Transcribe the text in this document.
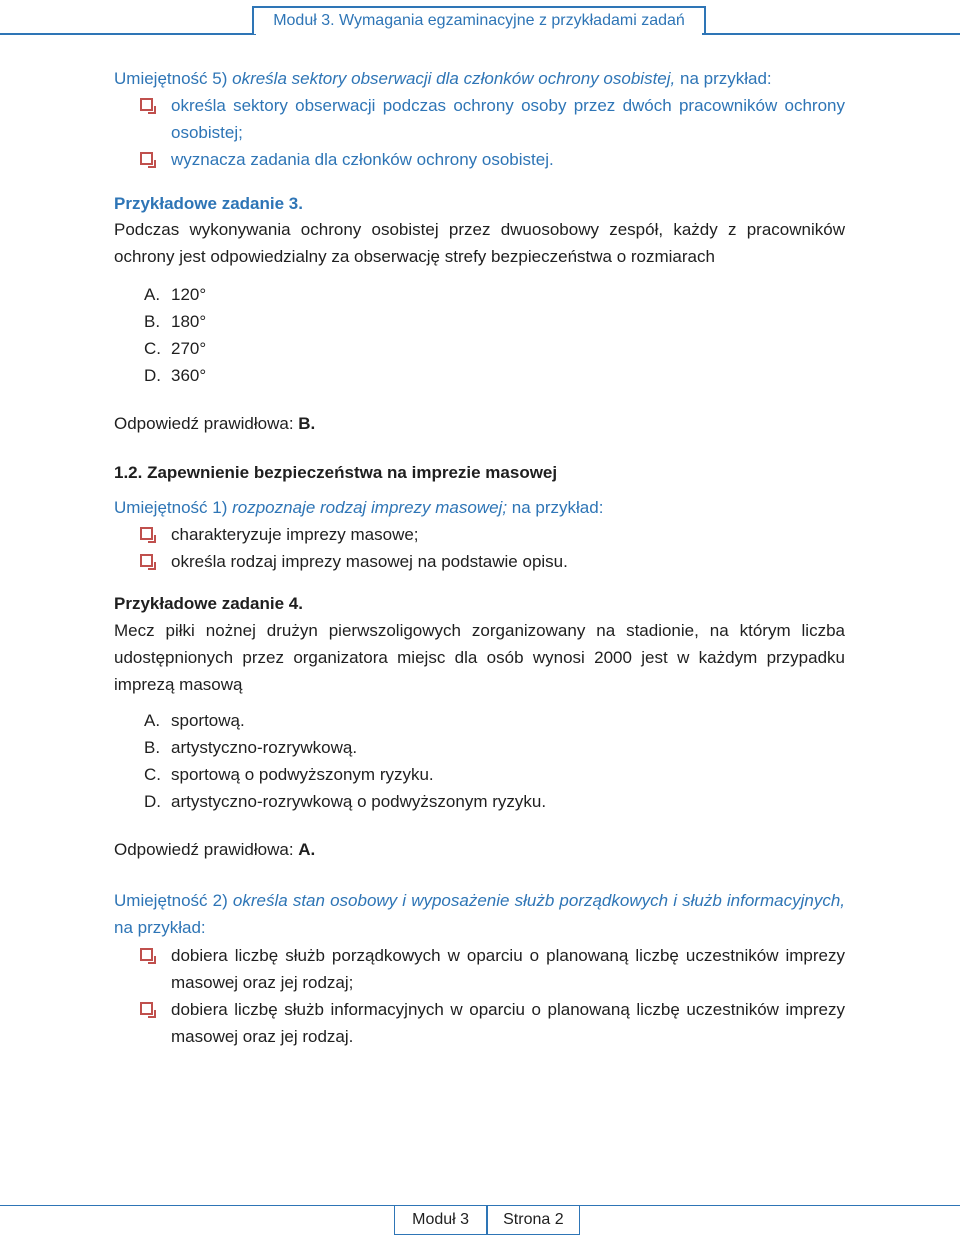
Moduł 3. Wymagania egzaminacyjne z przykładami zadań
Umiejętność 5) określa sektory obserwacji dla członków ochrony osobistej, na przykład:
określa sektory obserwacji podczas ochrony osoby przez dwóch pracowników ochrony osobistej;
wyznacza zadania dla członków ochrony osobistej.
Przykładowe zadanie 3.
Podczas wykonywania ochrony osobistej przez dwuosobowy zespół, każdy z pracowników ochrony jest odpowiedzialny za obserwację strefy bezpieczeństwa o rozmiarach
A. 120°
B. 180°
C. 270°
D. 360°
Odpowiedź prawidłowa: B.
1.2. Zapewnienie bezpieczeństwa na imprezie masowej
Umiejętność 1) rozpoznaje rodzaj imprezy masowej; na przykład:
charakteryzuje imprezy masowe;
określa rodzaj imprezy masowej na podstawie opisu.
Przykładowe zadanie 4.
Mecz piłki nożnej drużyn pierwszoligowych zorganizowany na stadionie, na którym liczba udostępnionych przez organizatora miejsc dla osób wynosi 2000 jest w każdym przypadku imprezą masową
A. sportową.
B. artystyczno-rozrywkową.
C. sportową o podwyższonym ryzyku.
D. artystyczno-rozrywkową o podwyższonym ryzyku.
Odpowiedź prawidłowa: A.
Umiejętność 2) określa stan osobowy i wyposażenie służb porządkowych i służb informacyjnych, na przykład:
dobiera liczbę służb porządkowych w oparciu o planowaną liczbę uczestników imprezy masowej oraz jej rodzaj;
dobiera liczbę służb informacyjnych w oparciu o planowaną liczbę uczestników imprezy masowej oraz jej rodzaj.
Moduł 3	Strona 2
